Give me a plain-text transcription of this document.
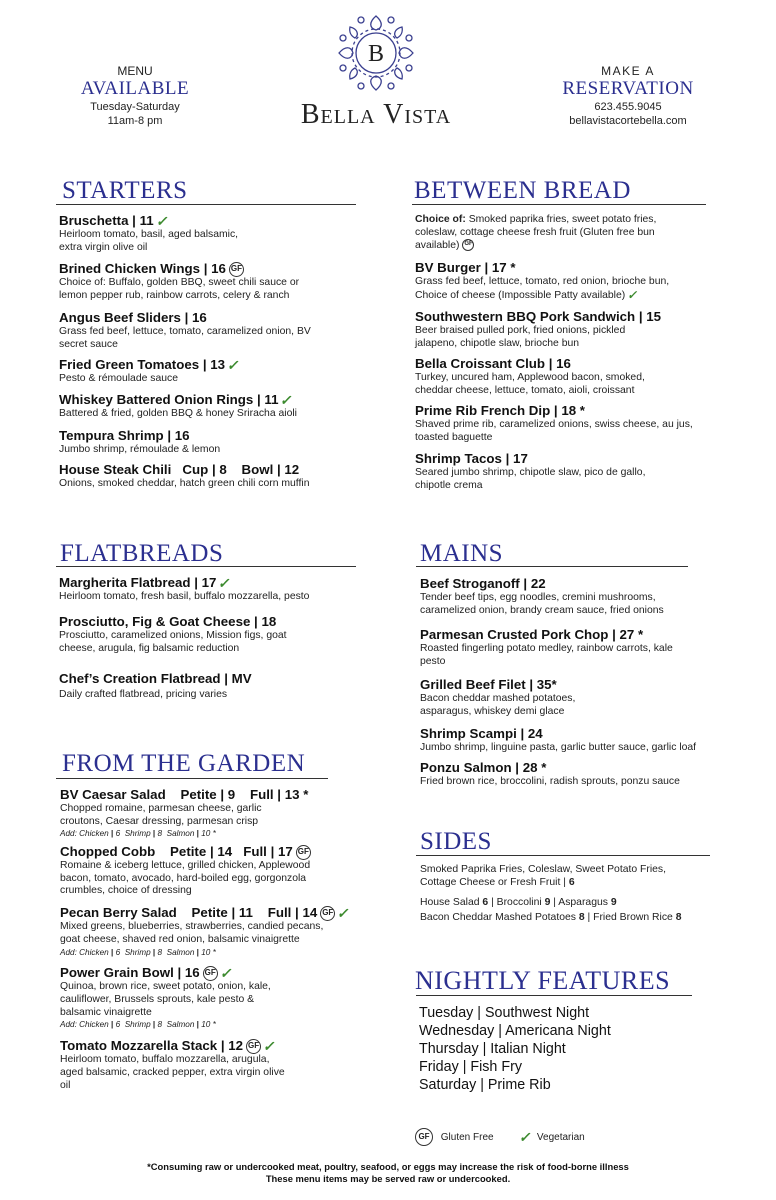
MENU
AVAILABLE
Tuesday-Saturday
11am-8 pm
B
Bella Vista
MAKE A
RESERVATION
623.455.9045
bellavistacortebella.com
STARTERS
Bruschetta | 11✓
Heirloom tomato, basil, aged balsamic, extra virgin olive oil
Brined Chicken Wings | 16 GF
Choice of: Buffalo, golden BBQ, sweet chili sauce or lemon pepper rub, rainbow carrots, celery & ranch
Angus Beef Sliders | 16
Grass fed beef, lettuce, tomato, caramelized onion, BV secret sauce
Fried Green Tomatoes | 13✓
Pesto & rémoulade sauce
Whiskey Battered Onion Rings | 11✓
Battered & fried, golden BBQ & honey Sriracha aioli
Tempura Shrimp | 16
Jumbo shrimp, rémoulade & lemon
House Steak Chili   Cup | 8    Bowl | 12
Onions, smoked cheddar, hatch green chili corn muffin
BETWEEN BREAD
Choice of: Smoked paprika fries, sweet potato fries, coleslaw, cottage cheese fresh fruit (Gluten free bun available) GF
BV Burger | 17 *
Grass fed beef, lettuce, tomato, red onion, brioche bun, Choice of cheese (Impossible Patty available) ✓
Southwestern BBQ Pork Sandwich | 15
Beer braised pulled pork, fried onions, pickled jalapeno, chipotle slaw, brioche bun
Bella Croissant Club | 16
Turkey, uncured ham, Applewood bacon, smoked, cheddar cheese, lettuce, tomato, aioli, croissant
Prime Rib French Dip | 18 *
Shaved prime rib, caramelized onions, swiss cheese, au jus, toasted baguette
Shrimp Tacos | 17
Seared jumbo shrimp, chipotle slaw, pico de gallo, chipotle crema
FLATBREADS
Margherita Flatbread | 17✓
Heirloom tomato, fresh basil, buffalo mozzarella, pesto
Prosciutto, Fig & Goat Cheese | 18
Prosciutto, caramelized onions, Mission figs, goat cheese, arugula, fig balsamic reduction
Chef’s Creation Flatbread | MV
Daily crafted flatbread, pricing varies
MAINS
Beef Stroganoff | 22
Tender beef tips, egg noodles, cremini mushrooms, caramelized onion, brandy cream sauce, fried onions
Parmesan Crusted Pork Chop | 27 *
Roasted fingerling potato medley, rainbow carrots, kale pesto
Grilled Beef Filet | 35*
Bacon cheddar mashed potatoes, asparagus, whiskey demi glace
Shrimp Scampi | 24
Jumbo shrimp, linguine pasta, garlic butter sauce, garlic loaf
Ponzu Salmon | 28 *
Fried brown rice, broccolini, radish sprouts, ponzu sauce
FROM THE GARDEN
BV Caesar Salad    Petite | 9    Full | 13 *
Chopped romaine, parmesan cheese, garlic croutons, Caesar dressing, parmesan crisp
Add: Chicken | 6 Shrimp | 8 Salmon | 10 *
Chopped Cobb    Petite | 14   Full | 17 GF
Romaine & iceberg lettuce, grilled chicken, Applewood bacon, tomato, avocado, hard-boiled egg, gorgonzola crumbles, choice of dressing
Pecan Berry Salad    Petite | 11    Full | 14 GF ✓
Mixed greens, blueberries, strawberries, candied pecans, goat cheese, shaved red onion, balsamic vinaigrette
Add: Chicken | 6 Shrimp | 8 Salmon | 10 *
Power Grain Bowl | 16 GF ✓
Quinoa, brown rice, sweet potato, onion, kale, cauliflower, Brussels sprouts, kale pesto & balsamic vinaigrette
Add: Chicken | 6 Shrimp | 8 Salmon | 10 *
Tomato Mozzarella Stack | 12 GF ✓
Heirloom tomato, buffalo mozzarella, arugula, aged balsamic, cracked pepper, extra virgin olive oil
SIDES
Smoked Paprika Fries, Coleslaw, Sweet Potato Fries,
Cottage Cheese or Fresh Fruit | 6
House Salad 6 | Broccolini 9 | Asparagus 9
Bacon Cheddar Mashed Potatoes 8 | Fried Brown Rice 8
NIGHTLY FEATURES
Tuesday | Southwest Night
Wednesday | Americana Night
Thursday | Italian Night
Friday | Fish Fry
Saturday | Prime Rib
GF Gluten Free ✓ Vegetarian
*Consuming raw or undercooked meat, poultry, seafood, or eggs may increase the risk of food-borne illness
These menu items may be served raw or undercooked.
